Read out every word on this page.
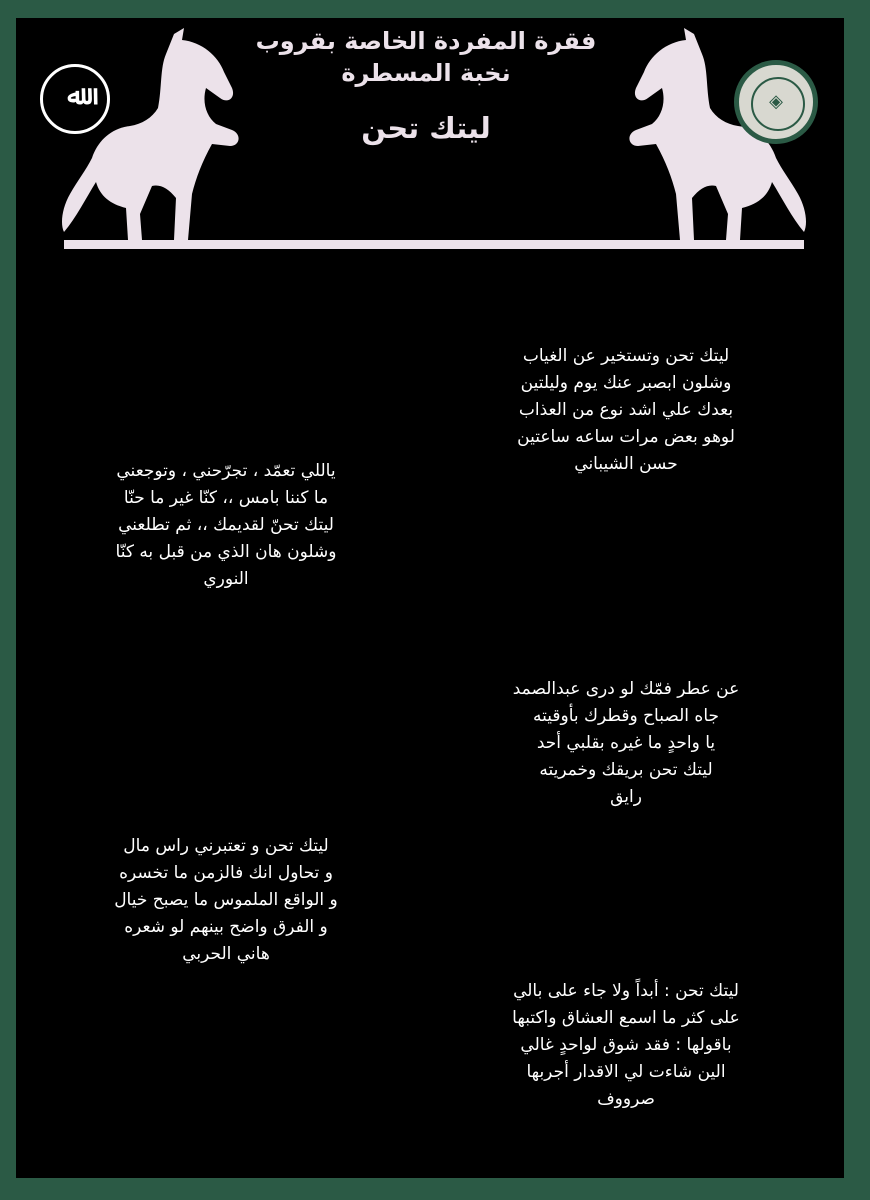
ﷲ	◈
فقرة المفردة الخاصة بقروب
نخبة المسطرة
ليتك تحن
ليتك تحن وتستخير عن الغياب
وشلون ابصبر عنك يوم وليلتين
بعدك علي اشد نوع من العذاب
لوهو بعض مرات ساعه ساعتين
حسن الشيباني
ياللي تعمّد ، تجرّحني ، وتوجعني
ما كننا بامس ،، كنّا غير ما حنّا
ليتك تحنّ لقديمك ،، ثم تطلعني
وشلون هان الذي من قبل به كنّا
النوري
عن عطر فمّك لو درى عبدالصمد
جاه الصباح وقطرك بأوقيته
يا واحدٍ ما غيره بقلبي أحد
ليتك تحن بريقك وخمريته
رايق
ليتك تحن و تعتبرني راس مال
و تحاول انك فالزمن ما تخسره
و الواقع الملموس ما يصبح خيال
و الفرق واضح بينهم لو شعره
هاني الحربي
ليتك تحن : أبداً ولا جاء على بالي
على كثر ما اسمع العشاق واكتبها
باقولها : فقد شوق لواحدٍ غالي
الين شاءت لي الاقدار أجربها
صرووف
